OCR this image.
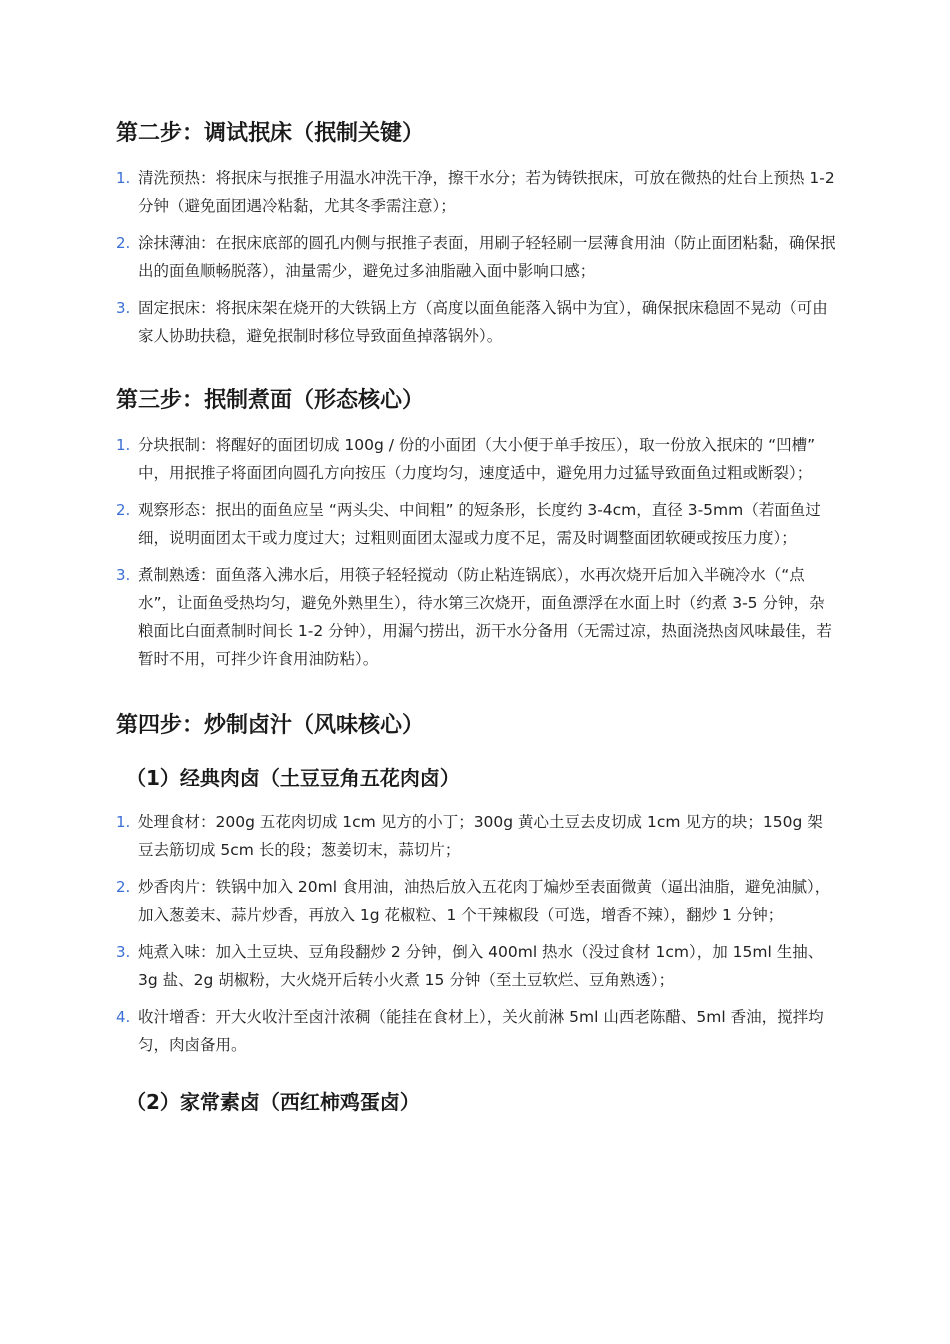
第二步：调试抿床（抿制关键）
1. 清洗预热：将抿床与抿推子用温水冲洗干净，擦干水分；若为铸铁抿床，可放在微热的灶台上预热 1-2 分钟（避免面团遇冷粘黏，尤其冬季需注意）；
2. 涂抹薄油：在抿床底部的圆孔内侧与抿推子表面，用刷子轻轻刷一层薄食用油（防止面团粘黏，确保抿出的面鱼顺畅脱落），油量需少，避免过多油脂融入面中影响口感；
3. 固定抿床：将抿床架在烧开的大铁锅上方（高度以面鱼能落入锅中为宜），确保抿床稳固不晃动（可由家人协助扶稳，避免抿制时移位导致面鱼掉落锅外）。
第三步：抿制煮面（形态核心）
1. 分块抿制：将醒好的面团切成 100g / 份的小面团（大小便于单手按压），取一份放入抿床的 “凹槽” 中，用抿推子将面团向圆孔方向按压（力度均匀，速度适中，避免用力过猛导致面鱼过粗或断裂）；
2. 观察形态：抿出的面鱼应呈 “两头尖、中间粗” 的短条形，长度约 3-4cm，直径 3-5mm（若面鱼过细，说明面团太干或力度过大；过粗则面团太湿或力度不足，需及时调整面团软硬或按压力度）；
3. 煮制熟透：面鱼落入沸水后，用筷子轻轻搅动（防止粘连锅底），水再次烧开后加入半碗冷水（“点水”，让面鱼受热均匀，避免外熟里生），待水第三次烧开，面鱼漂浮在水面上时（约煮 3-5 分钟，杂粮面比白面煮制时间长 1-2 分钟），用漏勺捞出，沥干水分备用（无需过凉，热面浇热卤风味最佳，若暂时不用，可拌少许食用油防粘）。
第四步：炒制卤汁（风味核心）
（1）经典肉卤（土豆豆角五花肉卤）
1. 处理食材：200g 五花肉切成 1cm 见方的小丁；300g 黄心土豆去皮切成 1cm 见方的块；150g 架豆去筋切成 5cm 长的段；葱姜切末，蒜切片；
2. 炒香肉片：铁锅中加入 20ml 食用油，油热后放入五花肉丁煸炒至表面微黄（逼出油脂，避免油腻），加入葱姜末、蒜片炒香，再放入 1g 花椒粒、1 个干辣椒段（可选，增香不辣），翻炒 1 分钟；
3. 炖煮入味：加入土豆块、豆角段翻炒 2 分钟，倒入 400ml 热水（没过食材 1cm），加 15ml 生抽、3g 盐、2g 胡椒粉，大火烧开后转小火煮 15 分钟（至土豆软烂、豆角熟透）；
4. 收汁增香：开大火收汁至卤汁浓稠（能挂在食材上），关火前淋 5ml 山西老陈醋、5ml 香油，搅拌均匀，肉卤备用。
（2）家常素卤（西红柿鸡蛋卤）
